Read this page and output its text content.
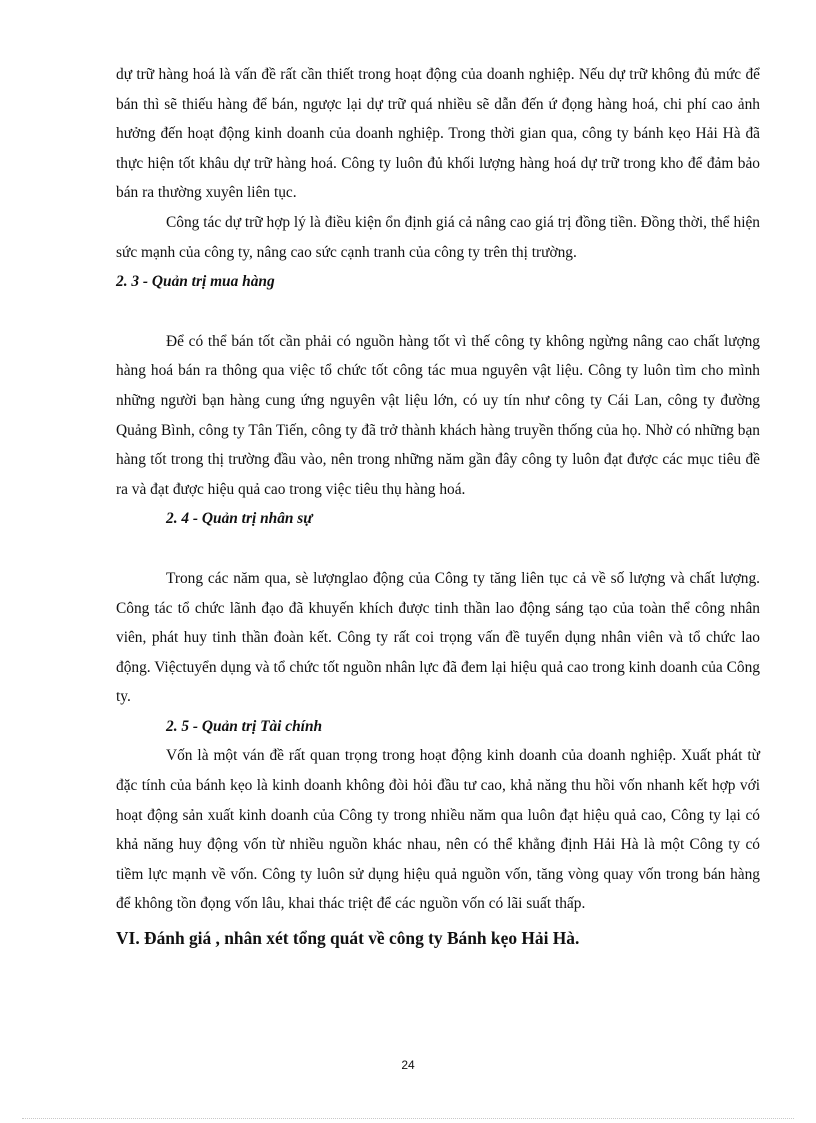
dự trữ hàng hoá là vấn đề rất cần thiết trong hoạt động của doanh nghiệp. Nếu dự trữ không đủ mức để bán thì sẽ thiếu hàng để bán, ngược lại dự trữ quá nhiều sẽ dẫn đến ứ đọng hàng hoá, chi phí cao ảnh hưởng đến hoạt động kinh doanh của doanh nghiệp. Trong thời gian qua, công ty bánh kẹo Hải Hà đã thực hiện tốt khâu dự trữ hàng hoá. Công ty luôn đủ khối lượng hàng hoá dự trữ trong kho để đảm bảo bán ra thường xuyên liên tục.

Công tác dự trữ hợp lý là điều kiện ổn định giá cả nâng cao giá trị đồng tiền. Đồng thời, thể hiện sức mạnh của công ty, nâng cao sức cạnh tranh của công ty trên thị trường.

2. 3 - Quản trị mua hàng

Để có thể bán tốt cần phải có nguồn hàng tốt vì thế công ty không ngừng nâng cao chất lượng hàng hoá bán ra thông qua việc tổ chức tốt công tác mua nguyên vật liệu. Công ty luôn tìm cho mình những người bạn hàng cung ứng nguyên vật liệu lớn, có uy tín như công ty Cái Lan, công ty đường Quảng Bình, công ty Tân Tiến, công ty đã trở thành khách hàng truyền thống của họ. Nhờ có những bạn hàng tốt trong thị trường đầu vào, nên trong những năm gần đây công ty luôn đạt được các mục tiêu đề ra và đạt được hiệu quả cao trong việc tiêu thụ hàng hoá.

2. 4 - Quản trị nhân sự

Trong các năm qua, sè lượnglao động của Công ty tăng liên tục cả về số lượng và chất lượng. Công tác tổ chức lãnh đạo đã khuyến khích được tinh thần lao động sáng tạo của toàn thể công nhân viên, phát huy tinh thần đoàn kết. Công ty rất coi trọng vấn đề tuyển dụng nhân viên và tổ chức lao động. Việctuyển dụng và tổ chức tốt nguồn nhân lực đã đem lại hiệu quả cao trong kinh doanh của Công ty.

2. 5 - Quản trị Tài chính

Vốn là một ván đề rất quan trọng trong hoạt động kinh doanh của doanh nghiệp. Xuất phát từ đặc tính của bánh kẹo là kinh doanh không đòi hỏi đầu tư cao, khả năng thu hồi vốn nhanh kết hợp với hoạt động sản xuất kinh doanh của Công ty trong nhiều năm qua luôn đạt hiệu quả cao, Công ty lại có khả năng huy động vốn từ nhiều nguồn khác nhau, nên có thể khẳng định Hải Hà là một Công ty có tiềm lực mạnh về vốn. Công ty luôn sử dụng hiệu quả nguồn vốn, tăng vòng quay vốn trong bán hàng để không tồn đọng vốn lâu, khai thác triệt để các nguồn vốn có lãi suất thấp.

VI. Đánh giá , nhân xét tổng quát về công ty Bánh kẹo Hải Hà.

24
